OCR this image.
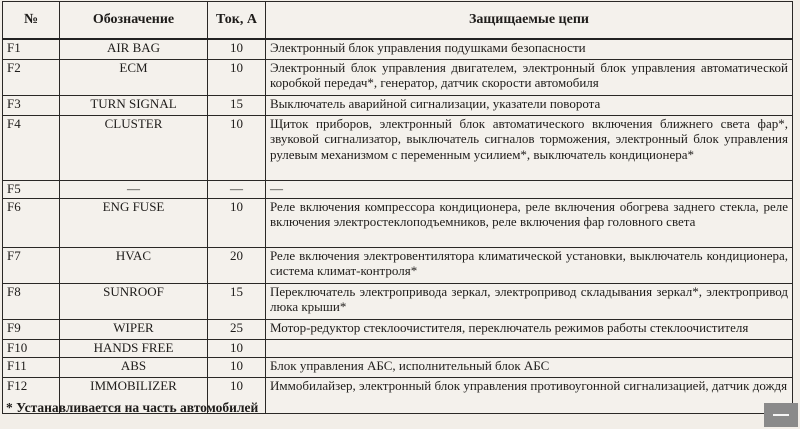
№	Обозначение	Ток, А	Защищаемые цепи
F1	AIR BAG	10	Электронный блок управления подушками безопасности
F2	ECM	10	Электронный блок управления двигателем, электронный блок управления автоматической коробкой передач*, генератор, датчик скорости автомобиля
F3	TURN SIGNAL	15	Выключатель аварийной сигнализации, указатели поворота
F4	CLUSTER	10	Щиток приборов, электронный блок автоматического включения ближнего света фар*, звуковой сигнализатор, выключатель сигналов торможения, электронный блок управления рулевым механизмом с переменным усилием*, выключатель кондиционера*
F5	—	—	—
F6	ENG FUSE	10	Реле включения компрессора кондиционера, реле включения обогрева заднего стекла, реле включения электростеклоподъемников, реле включения фар головного света
F7	HVAC	20	Реле включения электровентилятора климатической установки, выключатель кондиционера, система климат-контроля*
F8	SUNROOF	15	Переключатель электропривода зеркал, электропривод складывания зеркал*, электропривод люка крыши*
F9	WIPER	25	Мотор-редуктор стеклоочистителя, переключатель режимов работы стеклоочистителя
F10	HANDS FREE	10	
F11	ABS	10	Блок управления АБС, исполнительный блок АБС
F12	IMMOBILIZER	10	Иммобилайзер, электронный блок управления противоугонной сигнализацией, датчик дождя
* Устанавливается на часть автомобилей
